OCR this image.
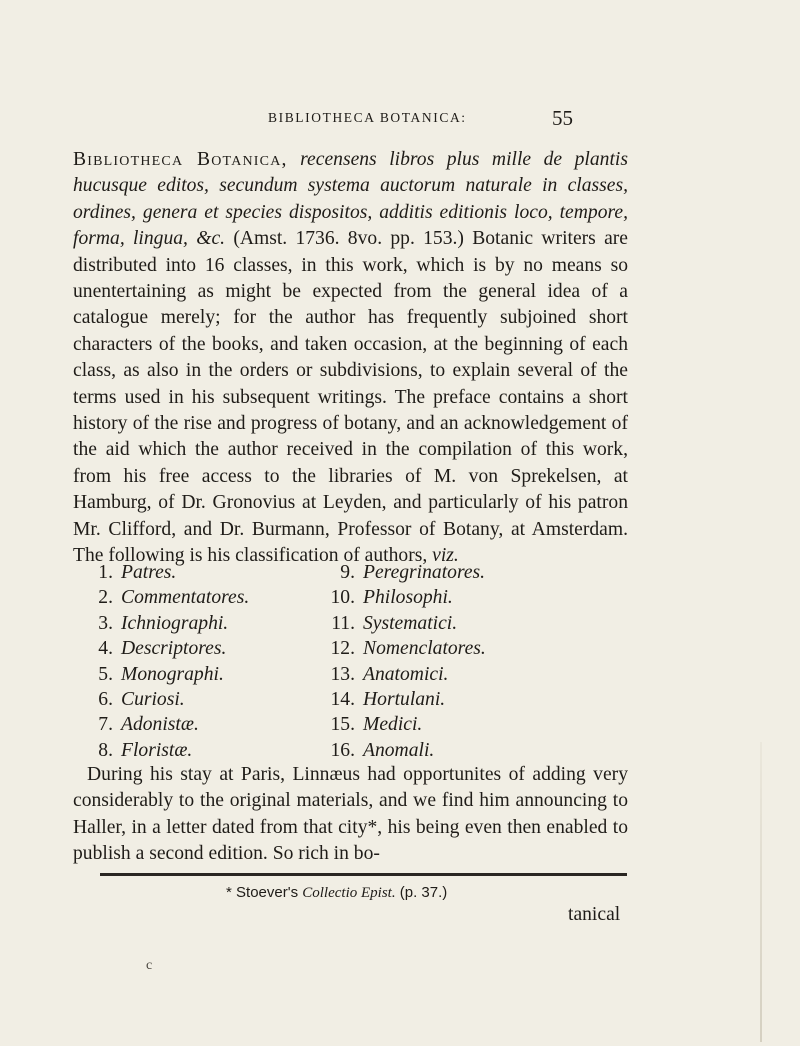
BIBLIOTHECA BOTANICA:	55

Bibliotheca Botanica, recensens libros plus mille de plantis hucusque editos, secundum systema auctorum naturale in classes, ordines, genera et species dispositos, additis editionis loco, tempore, forma, lingua, &c. (Amst. 1736. 8vo. pp. 153.) Botanic writers are distributed into 16 classes, in this work, which is by no means so unentertaining as might be expected from the general idea of a catalogue merely; for the author has frequently subjoined short characters of the books, and taken occasion, at the beginning of each class, as also in the orders or subdivisions, to explain several of the terms used in his subsequent writings. The preface contains a short history of the rise and progress of botany, and an acknowledgement of the aid which the author received in the compilation of this work, from his free access to the libraries of M. von Sprekelsen, at Hamburg, of Dr. Gronovius at Leyden, and particularly of his patron Mr. Clifford, and Dr. Burmann, Professor of Botany, at Amsterdam. The following is his classification of authors, viz.

1. Patres.	9. Peregrinatores.
2. Commentatores.	10. Philosophi.
3. Ichniographi.	11. Systematici.
4. Descriptores.	12. Nomenclatores.
5. Monographi.	13. Anatomici.
6. Curiosi.	14. Hortulani.
7. Adonistæ.	15. Medici.
8. Floristæ.	16. Anomali.

During his stay at Paris, Linnæus had opportunites of adding very considerably to the original materials, and we find him announcing to Haller, in a letter dated from that city*, his being even then enabled to publish a second edition. So rich in bo-

* Stoever's Collectio Epist. (p. 37.)
tanical
c
